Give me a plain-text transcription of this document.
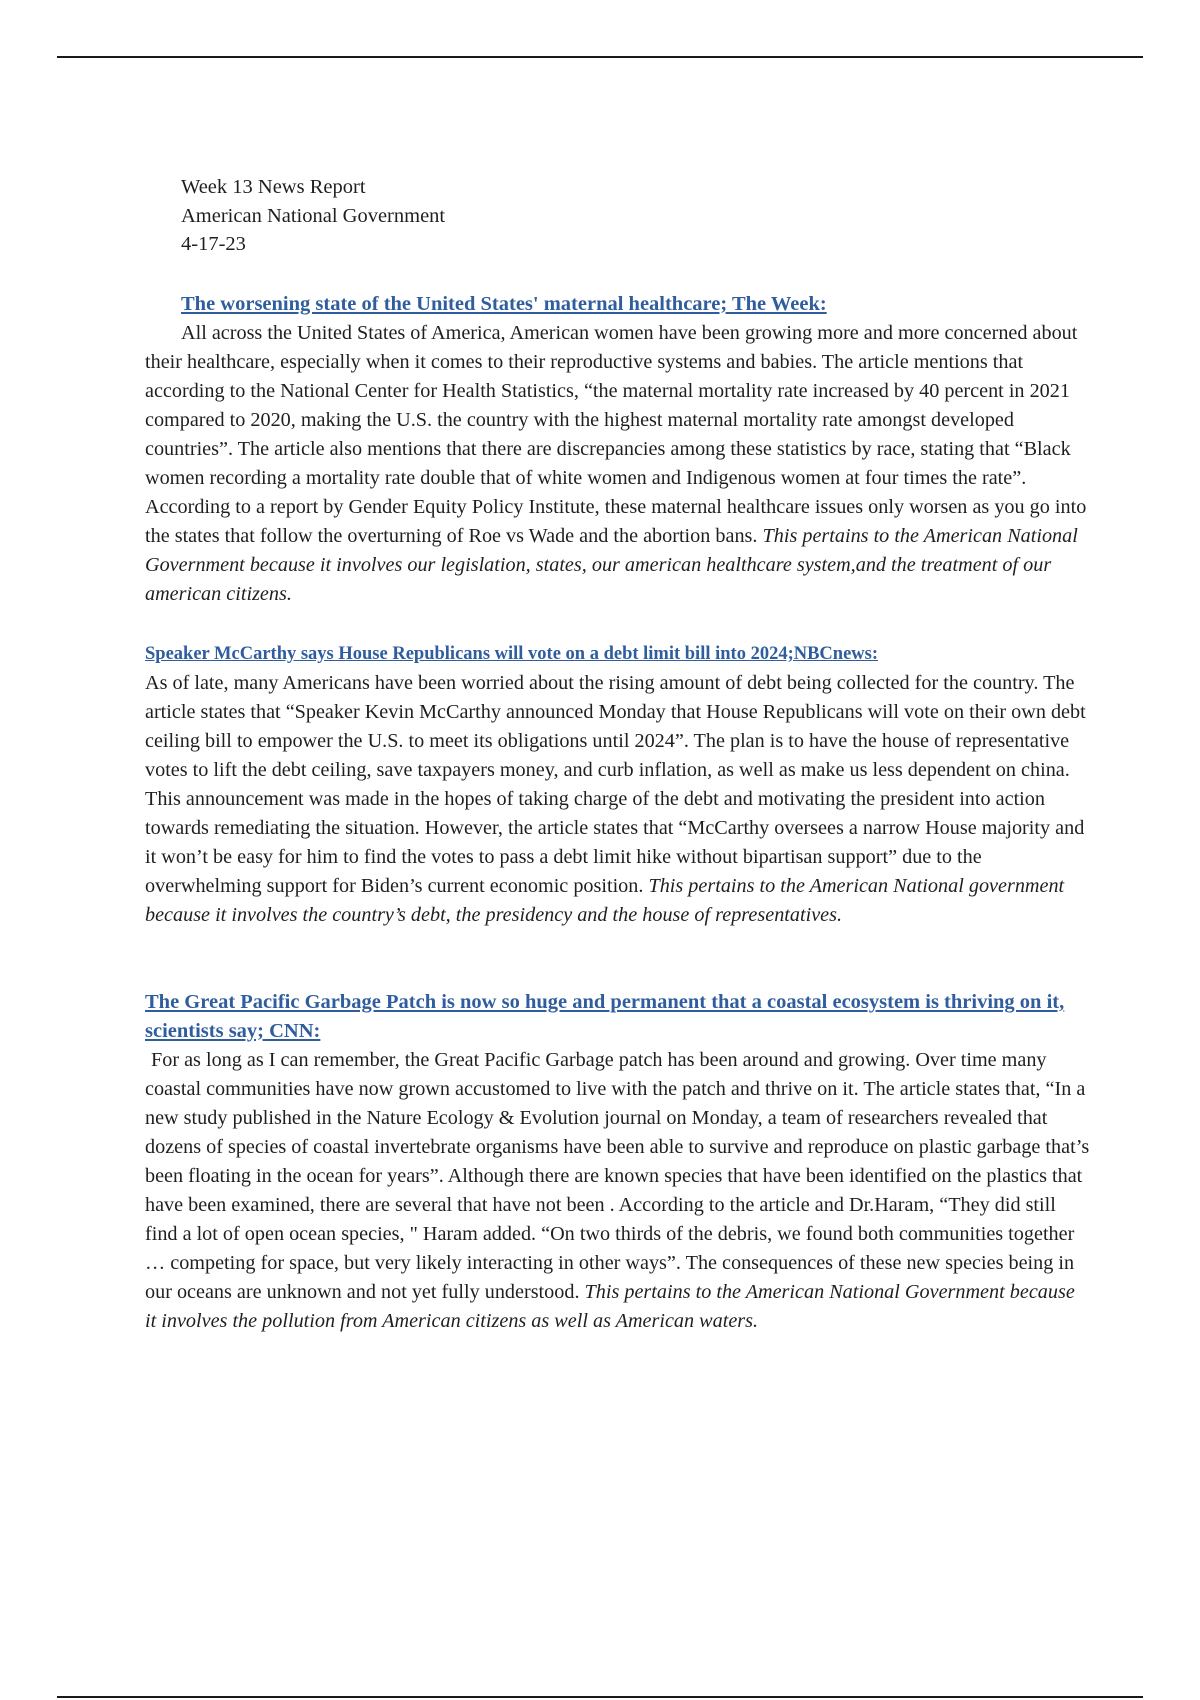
Week 13 News Report
American National Government
4-17-23
The worsening state of the United States' maternal healthcare; The Week:

All across the United States of America, American women have been growing more and more concerned about their healthcare, especially when it comes to their reproductive systems and babies. The article mentions that according to the National Center for Health Statistics, “the maternal mortality rate increased by 40 percent in 2021 compared to 2020, making the U.S. the country with the highest maternal mortality rate amongst developed countries”. The article also mentions that there are discrepancies among these statistics by race, stating that “Black women recording a mortality rate double that of white women and Indigenous women at four times the rate”. According to a report by Gender Equity Policy Institute, these maternal healthcare issues only worsen as you go into the states that follow the overturning of Roe vs Wade and the abortion bans. This pertains to the American National Government because it involves our legislation, states, our american healthcare system,and the treatment of our american citizens.

Speaker McCarthy says House Republicans will vote on a debt limit bill into 2024;NBCnews:

As of late, many Americans have been worried about the rising amount of debt being collected for the country. The article states that “Speaker Kevin McCarthy announced Monday that House Republicans will vote on their own debt ceiling bill to empower the U.S. to meet its obligations until 2024”. The plan is to have the house of representative votes to lift the debt ceiling, save taxpayers money, and curb inflation, as well as make us less dependent on china. This announcement was made in the hopes of taking charge of the debt and motivating the president into action towards remediating the situation. However, the article states that “McCarthy oversees a narrow House majority and it won’t be easy for him to find the votes to pass a debt limit hike without bipartisan support” due to the overwhelming support for Biden’s current economic position. This pertains to the American National government because it involves the country’s debt, the presidency and the house of representatives.

The Great Pacific Garbage Patch is now so huge and permanent that a coastal ecosystem is thriving on it, scientists say; CNN:

For as long as I can remember, the Great Pacific Garbage patch has been around and growing. Over time many coastal communities have now grown accustomed to live with the patch and thrive on it. The article states that, “In a new study published in the Nature Ecology & Evolution journal on Monday, a team of researchers revealed that dozens of species of coastal invertebrate organisms have been able to survive and reproduce on plastic garbage that’s been floating in the ocean for years”. Although there are known species that have been identified on the plastics that have been examined, there are several that have not been . According to the article and Dr.Haram, “They did still find a lot of open ocean species, " Haram added. “On two thirds of the debris, we found both communities together … competing for space, but very likely interacting in other ways”. The consequences of these new species being in our oceans are unknown and not yet fully understood. This pertains to the American National Government because it involves the pollution from American citizens as well as American waters.
